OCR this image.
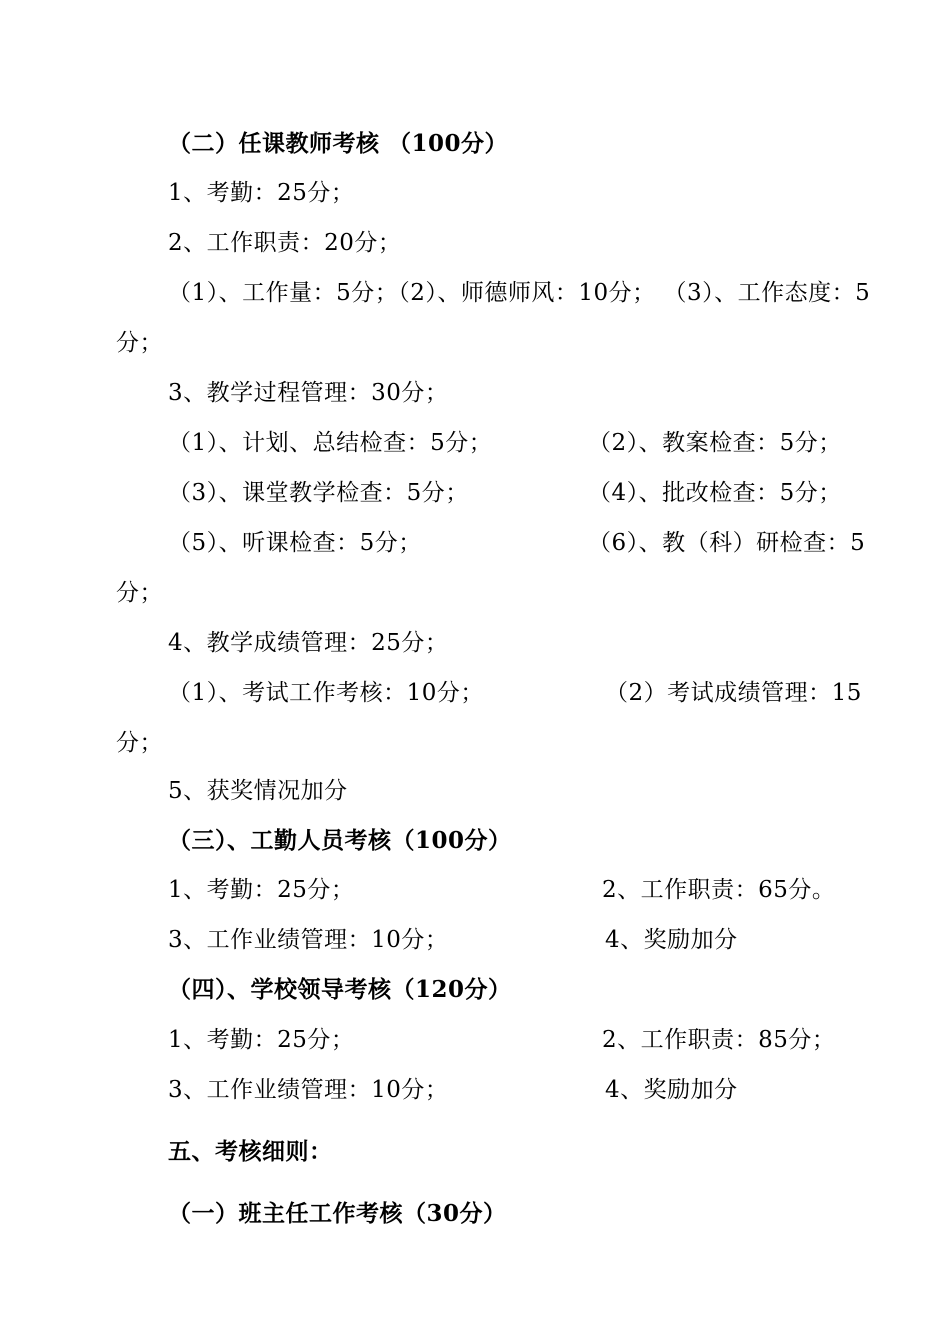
（二）任课教师考核 （100分）
1、考勤：25分；
2、工作职责：20分；
（1）、工作量：5分；（2）、师德师风：10分； （3）、工作态度：5
分；
3、教学过程管理：30分；
（1）、计划、总结检查：5分；	（2）、教案检查：5分；
（3）、课堂教学检查：5分；	（4）、批改检查：5分；
（5）、听课检查：5分；	（6）、教（科）研检查：5
分；
4、教学成绩管理：25分；
（1）、考试工作考核：10分；	（2）考试成绩管理：15
分；
5、获奖情况加分
（三）、工勤人员考核（100分）
1、考勤：25分；	2、工作职责：65分。
3、工作业绩管理：10分；	4、奖励加分
（四）、学校领导考核（120分）
1、考勤：25分；	2、工作职责：85分；
3、工作业绩管理：10分；	4、奖励加分
五、考核细则：
（一）班主任工作考核（30分）
